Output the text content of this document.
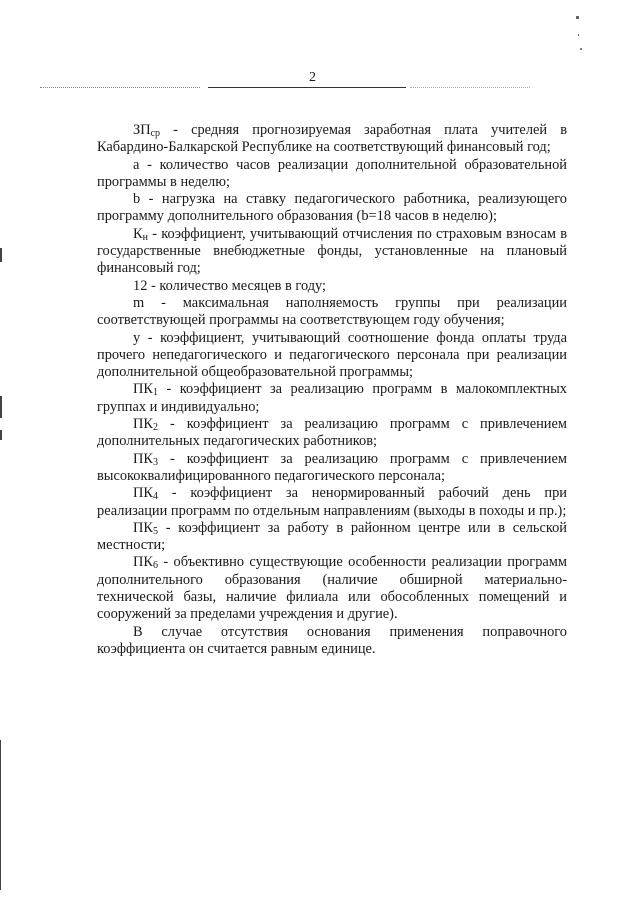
2

$ЗП_{ср}$ - средняя прогнозируемая заработная плата учителей в Кабардино-Балкарской Республике на соответствующий финансовый год;

а - количество часов реализации дополнительной образовательной программы в неделю;

b - нагрузка на ставку педагогического работника, реализующего программу дополнительного образования (b=18 часов в неделю);

$К_н$ - коэффициент, учитывающий отчисления по страховым взносам в государственные внебюджетные фонды, установленные на плановый финансовый год;

12 - количество месяцев в году;

m - максимальная наполняемость группы при реализации соответствующей программы на соответствующем году обучения;

у - коэффициент, учитывающий соотношение фонда оплаты труда прочего непедагогического и педагогического персонала при реализации дополнительной общеобразовательной программы;

$ПК_1$ - коэффициент за реализацию программ в малокомплектных группах и индивидуально;

$ПК_2$ - коэффициент за реализацию программ с привлечением дополнительных педагогических работников;

$ПК_3$ - коэффициент за реализацию программ с привлечением высококвалифицированного педагогического персонала;

$ПК_4$ - коэффициент за ненормированный рабочий день при реализации программ по отдельным направлениям (выходы в походы и пр.);

$ПК_5$ - коэффициент за работу в районном центре или в сельской местности;

$ПК_6$ - объективно существующие особенности реализации программ дополнительного образования (наличие обширной материально-технической базы, наличие филиала или обособленных помещений и сооружений за пределами учреждения и другие).

В случае отсутствия основания применения поправочного коэффициента он считается равным единице.
